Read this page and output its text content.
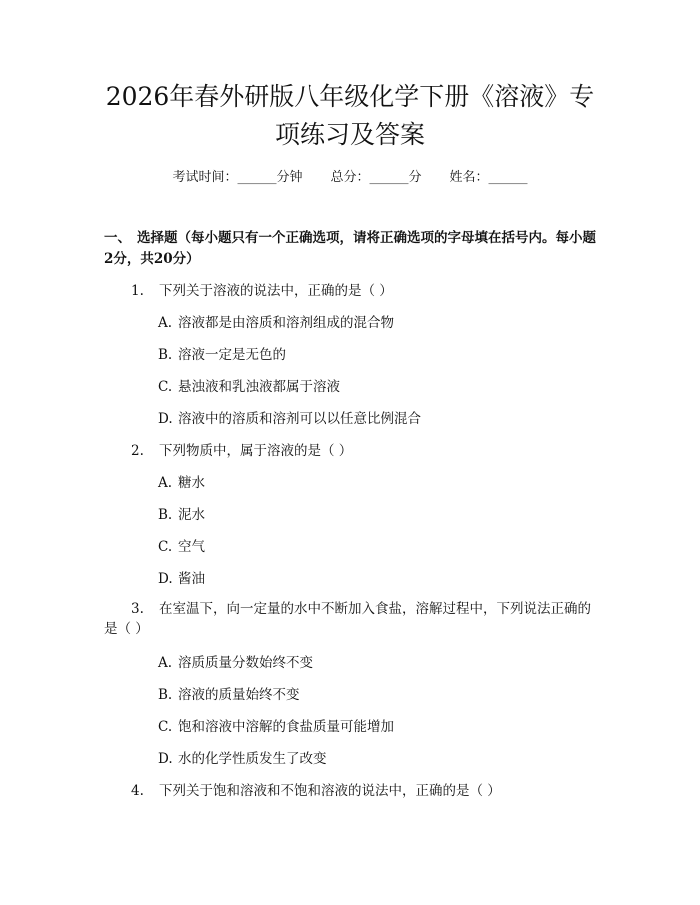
2026年春外研版八年级化学下册《溶液》专
项练习及答案
考试时间：______分钟 总分：______分 姓名：______

一、 选择题（每小题只有一个正确选项，请将正确选项的字母填在括号内。每小题2分，共20分）

1. 下列关于溶液的说法中，正确的是（ ）

A. 溶液都是由溶质和溶剂组成的混合物

B. 溶液一定是无色的

C. 悬浊液和乳浊液都属于溶液

D. 溶液中的溶质和溶剂可以以任意比例混合

2. 下列物质中，属于溶液的是（ ）

A. 糖水

B. 泥水

C. 空气

D. 酱油

3. 在室温下，向一定量的水中不断加入食盐，溶解过程中，下列说法正确的是（ ）

A. 溶质质量分数始终不变

B. 溶液的质量始终不变

C. 饱和溶液中溶解的食盐质量可能增加

D. 水的化学性质发生了改变

4. 下列关于饱和溶液和不饱和溶液的说法中，正确的是（ ）
